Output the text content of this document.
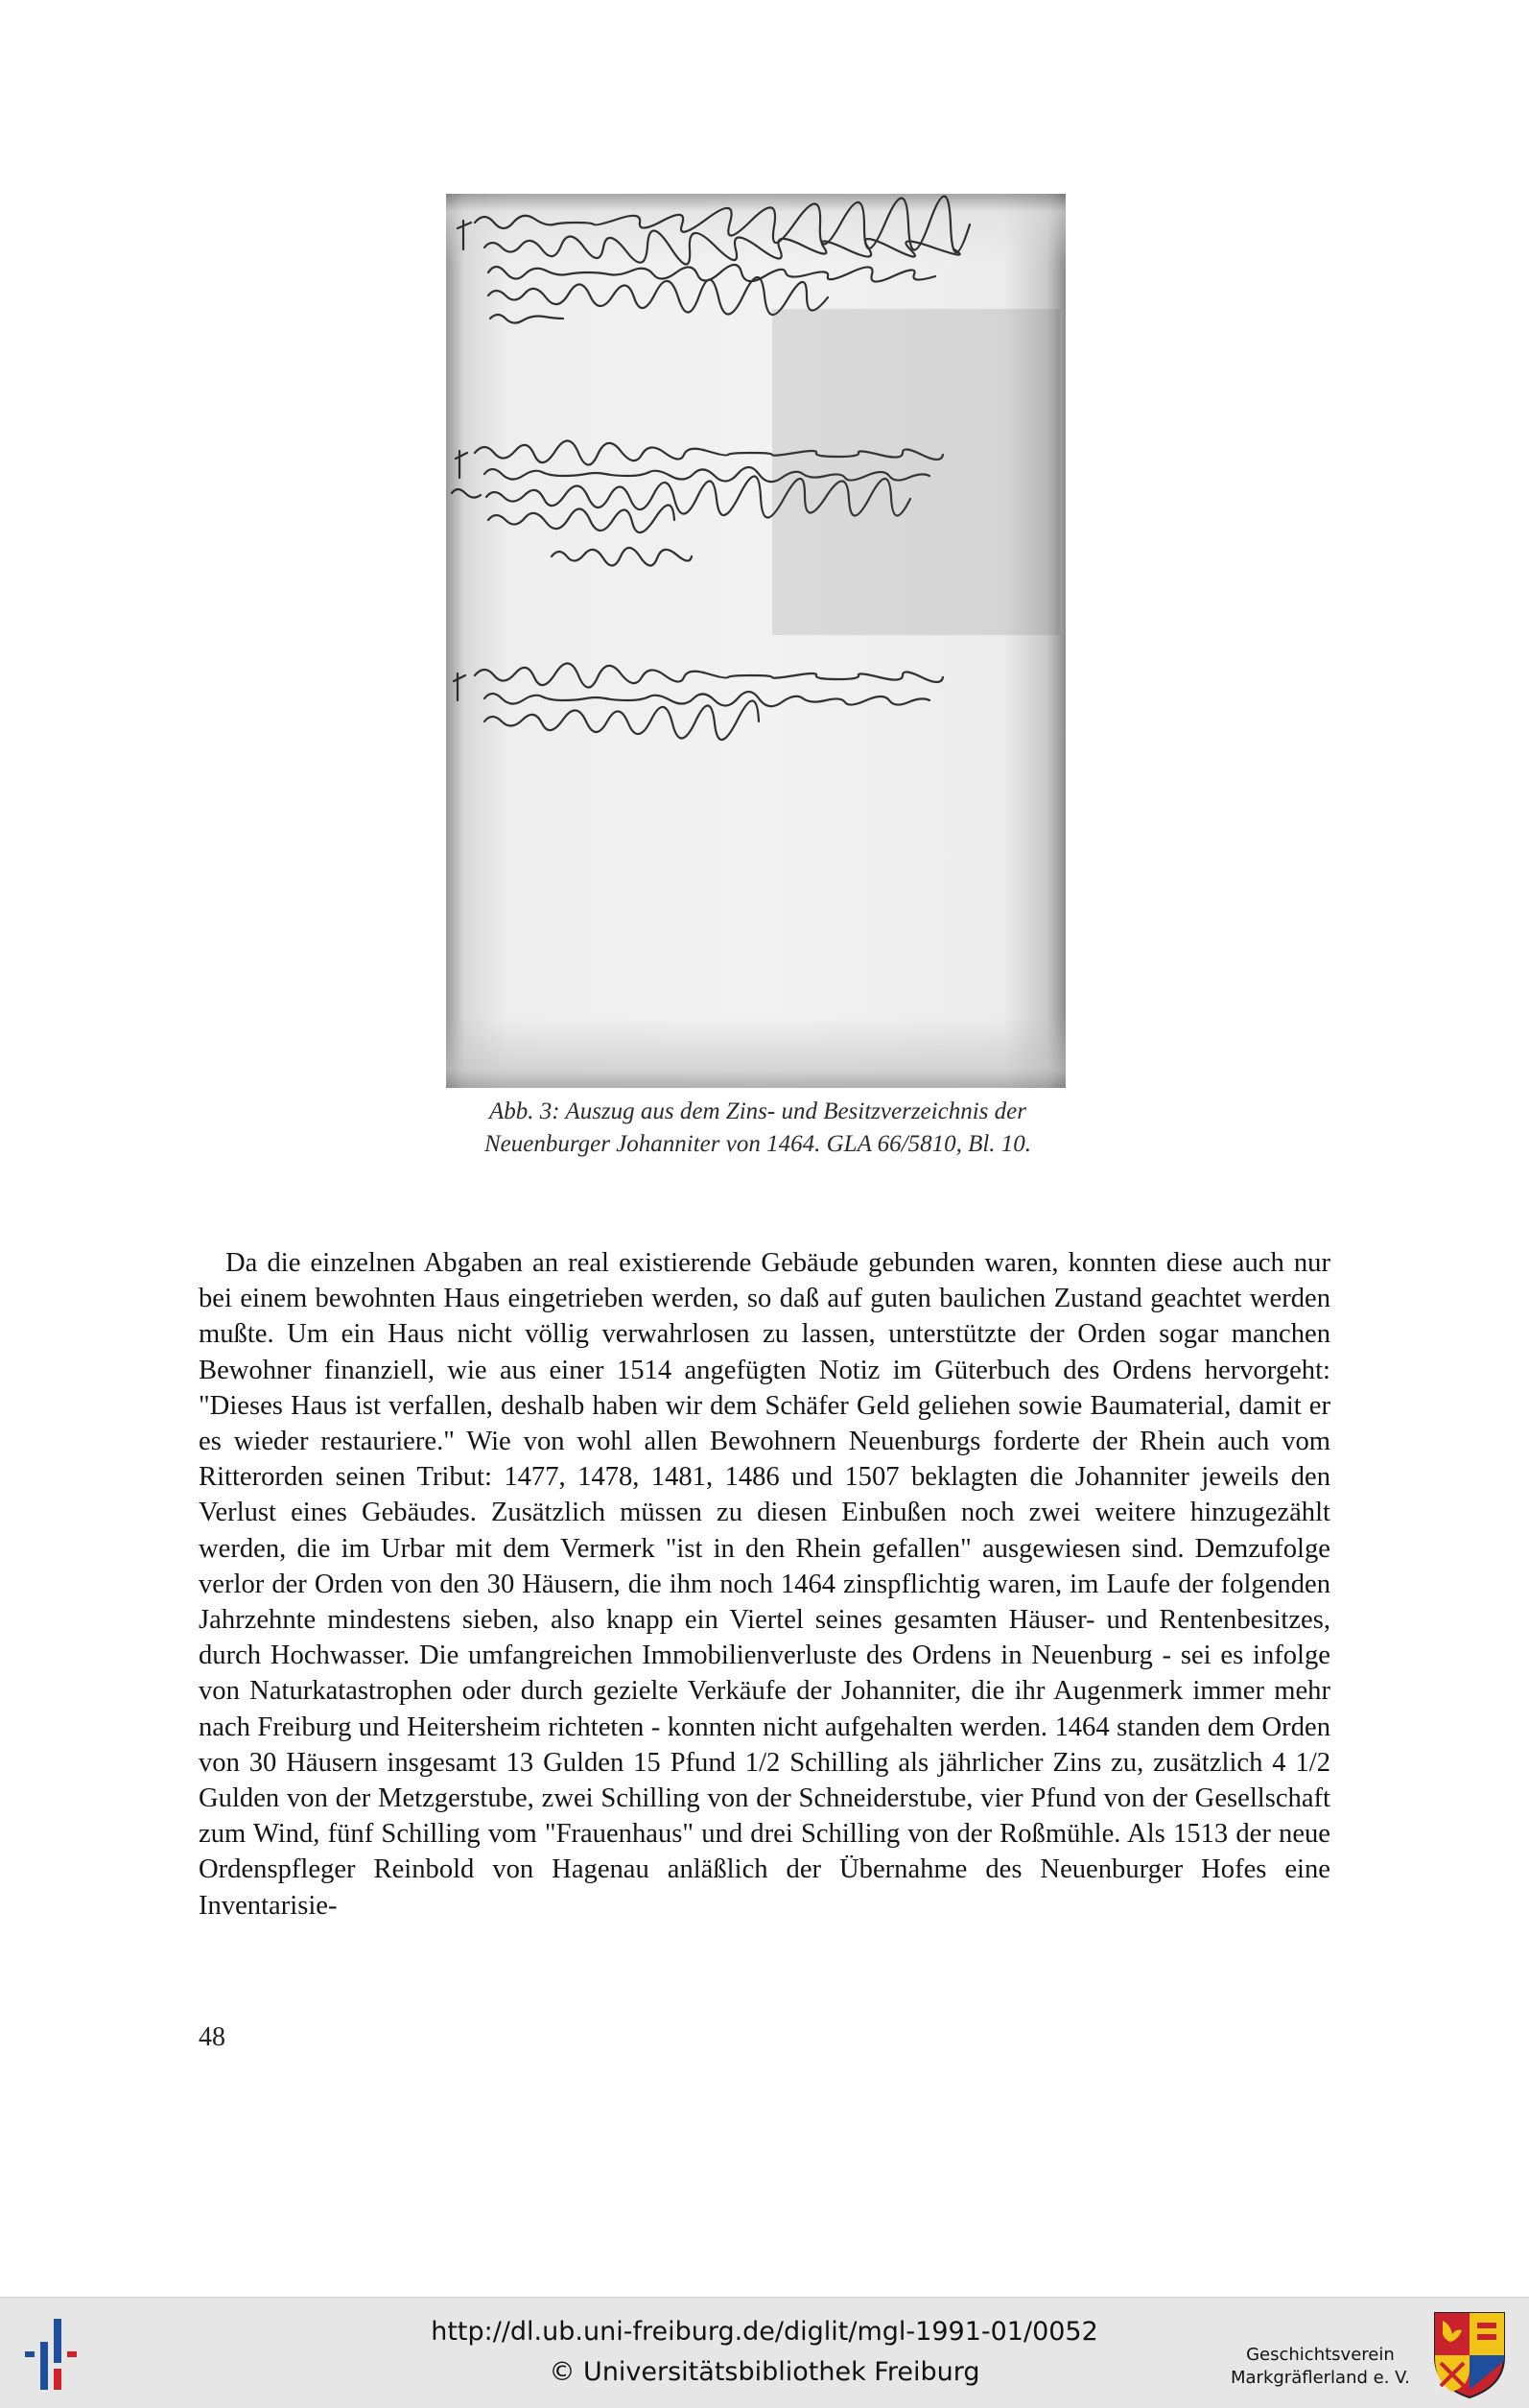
Abb. 3: Auszug aus dem Zins- und Besitzverzeichnis der
Neuenburger Johanniter von 1464. GLA 66/5810, Bl. 10.
Da die einzelnen Abgaben an real existierende Gebäude gebunden waren, konnten diese auch nur bei einem bewohnten Haus eingetrieben werden, so daß auf guten baulichen Zustand geachtet werden mußte. Um ein Haus nicht völlig verwahrlosen zu lassen, unterstützte der Orden sogar manchen Bewohner finanziell, wie aus einer 1514 angefügten Notiz im Güterbuch des Ordens hervorgeht: "Dieses Haus ist verfallen, deshalb haben wir dem Schäfer Geld geliehen sowie Baumaterial, damit er es wieder restauriere." Wie von wohl allen Bewohnern Neuenburgs forderte der Rhein auch vom Ritterorden seinen Tribut: 1477, 1478, 1481, 1486 und 1507 beklagten die Johanniter jeweils den Verlust eines Gebäudes. Zusätzlich müssen zu diesen Einbußen noch zwei weitere hinzugezählt werden, die im Urbar mit dem Vermerk "ist in den Rhein gefallen" ausgewiesen sind. Demzufolge verlor der Orden von den 30 Häusern, die ihm noch 1464 zinspflichtig waren, im Laufe der folgenden Jahrzehnte mindestens sieben, also knapp ein Viertel seines gesamten Häuser- und Rentenbesitzes, durch Hochwasser. Die umfangreichen Immobilienverluste des Ordens in Neuenburg - sei es infolge von Naturkatastrophen oder durch gezielte Verkäufe der Johanniter, die ihr Augenmerk immer mehr nach Freiburg und Heitersheim richteten - konnten nicht aufgehalten werden. 1464 standen dem Orden von 30 Häusern insgesamt 13 Gulden 15 Pfund 1/2 Schilling als jährlicher Zins zu, zusätzlich 4 1/2 Gulden von der Metzgerstube, zwei Schilling von der Schneiderstube, vier Pfund von der Gesellschaft zum Wind, fünf Schilling vom "Frauenhaus" und drei Schilling von der Roßmühle. Als 1513 der neue Ordenspfleger Reinbold von Hagenau anläßlich der Übernahme des Neuenburger Hofes eine Inventarisie-
48
http://dl.ub.uni-freiburg.de/diglit/mgl-1991-01/0052
© Universitätsbibliothek Freiburg
Geschichtsverein
Markgräflerland e. V.
